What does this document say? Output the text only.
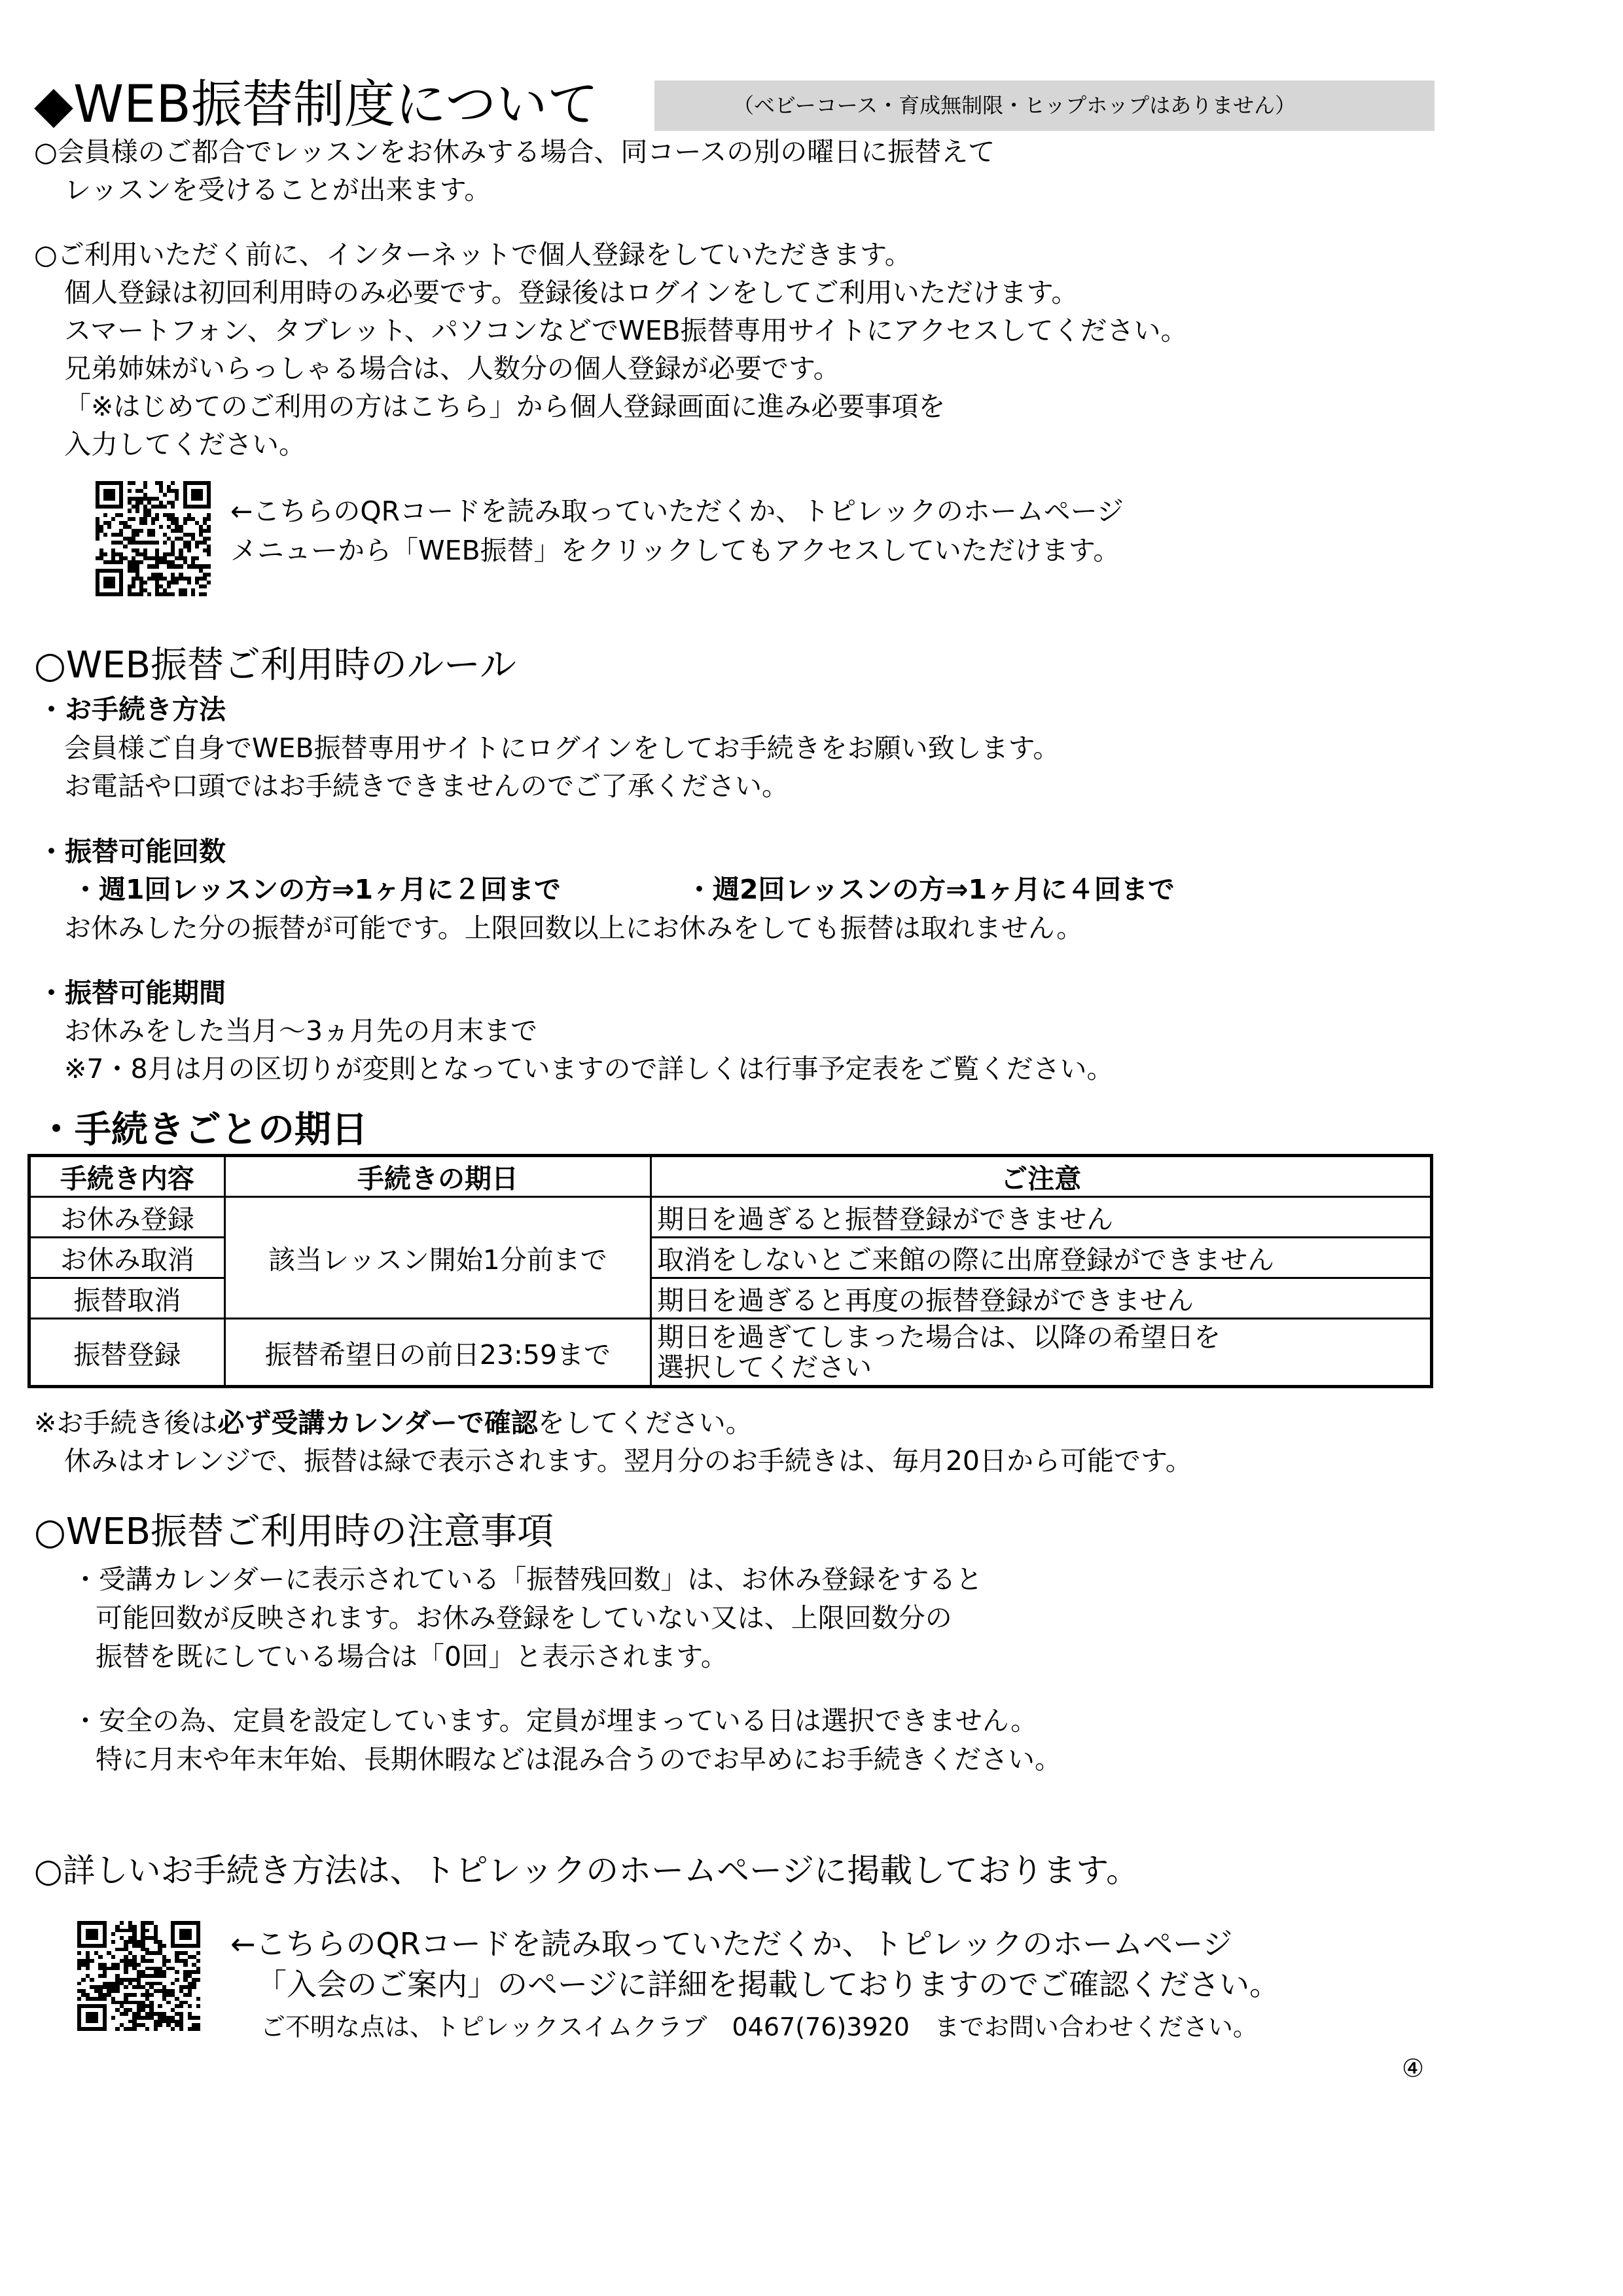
◆WEB振替制度について	（ベビーコース・育成無制限・ヒップホップはありません）
○会員様のご都合でレッスンをお休みする場合、同コースの別の曜日に振替えて
レッスンを受けることが出来ます。
○ご利用いただく前に、インターネットで個人登録をしていただきます。
個人登録は初回利用時のみ必要です。登録後はログインをしてご利用いただけます。
スマートフォン、タブレット、パソコンなどでWEB振替専用サイトにアクセスしてください。
兄弟姉妹がいらっしゃる場合は、人数分の個人登録が必要です。
「※はじめてのご利用の方はこちら」から個人登録画面に進み必要事項を
入力してください。
←こちらのQRコードを読み取っていただくか、トピレックのホームページ
メニューから「WEB振替」をクリックしてもアクセスしていただけます。
○WEB振替ご利用時のルール
・お手続き方法
会員様ご自身でWEB振替専用サイトにログインをしてお手続きをお願い致します。
お電話や口頭ではお手続きできませんのでご了承ください。
・振替可能回数
・週1回レッスンの方⇒1ヶ月に２回まで	・週2回レッスンの方⇒1ヶ月に４回まで
お休みした分の振替が可能です。上限回数以上にお休みをしても振替は取れません。
・振替可能期間
お休みをした当月～3ヵ月先の月末まで
※7・8月は月の区切りが変則となっていますので詳しくは行事予定表をご覧ください。
・手続きごとの期日
手続き内容	手続きの期日	ご注意
お休み登録	該当レッスン開始1分前まで	期日を過ぎると振替登録ができません
お休み取消		取消をしないとご来館の際に出席登録ができません
振替取消		期日を過ぎると再度の振替登録ができません
振替登録	振替希望日の前日23:59まで	期日を過ぎてしまった場合は、以降の希望日を
選択してください
※お手続き後は必ず受講カレンダーで確認をしてください。
休みはオレンジで、振替は緑で表示されます。翌月分のお手続きは、毎月20日から可能です。
○WEB振替ご利用時の注意事項
・受講カレンダーに表示されている「振替残回数」は、お休み登録をすると
可能回数が反映されます。お休み登録をしていない又は、上限回数分の
振替を既にしている場合は「0回」と表示されます。
・安全の為、定員を設定しています。定員が埋まっている日は選択できません。
特に月末や年末年始、長期休暇などは混み合うのでお早めにお手続きください。
○詳しいお手続き方法は、トピレックのホームページに掲載しております。
←こちらのQRコードを読み取っていただくか、トピレックのホームページ
「入会のご案内」のページに詳細を掲載しておりますのでご確認ください。
ご不明な点は、トピレックスイムクラブ　0467(76)3920　までお問い合わせください。
④
